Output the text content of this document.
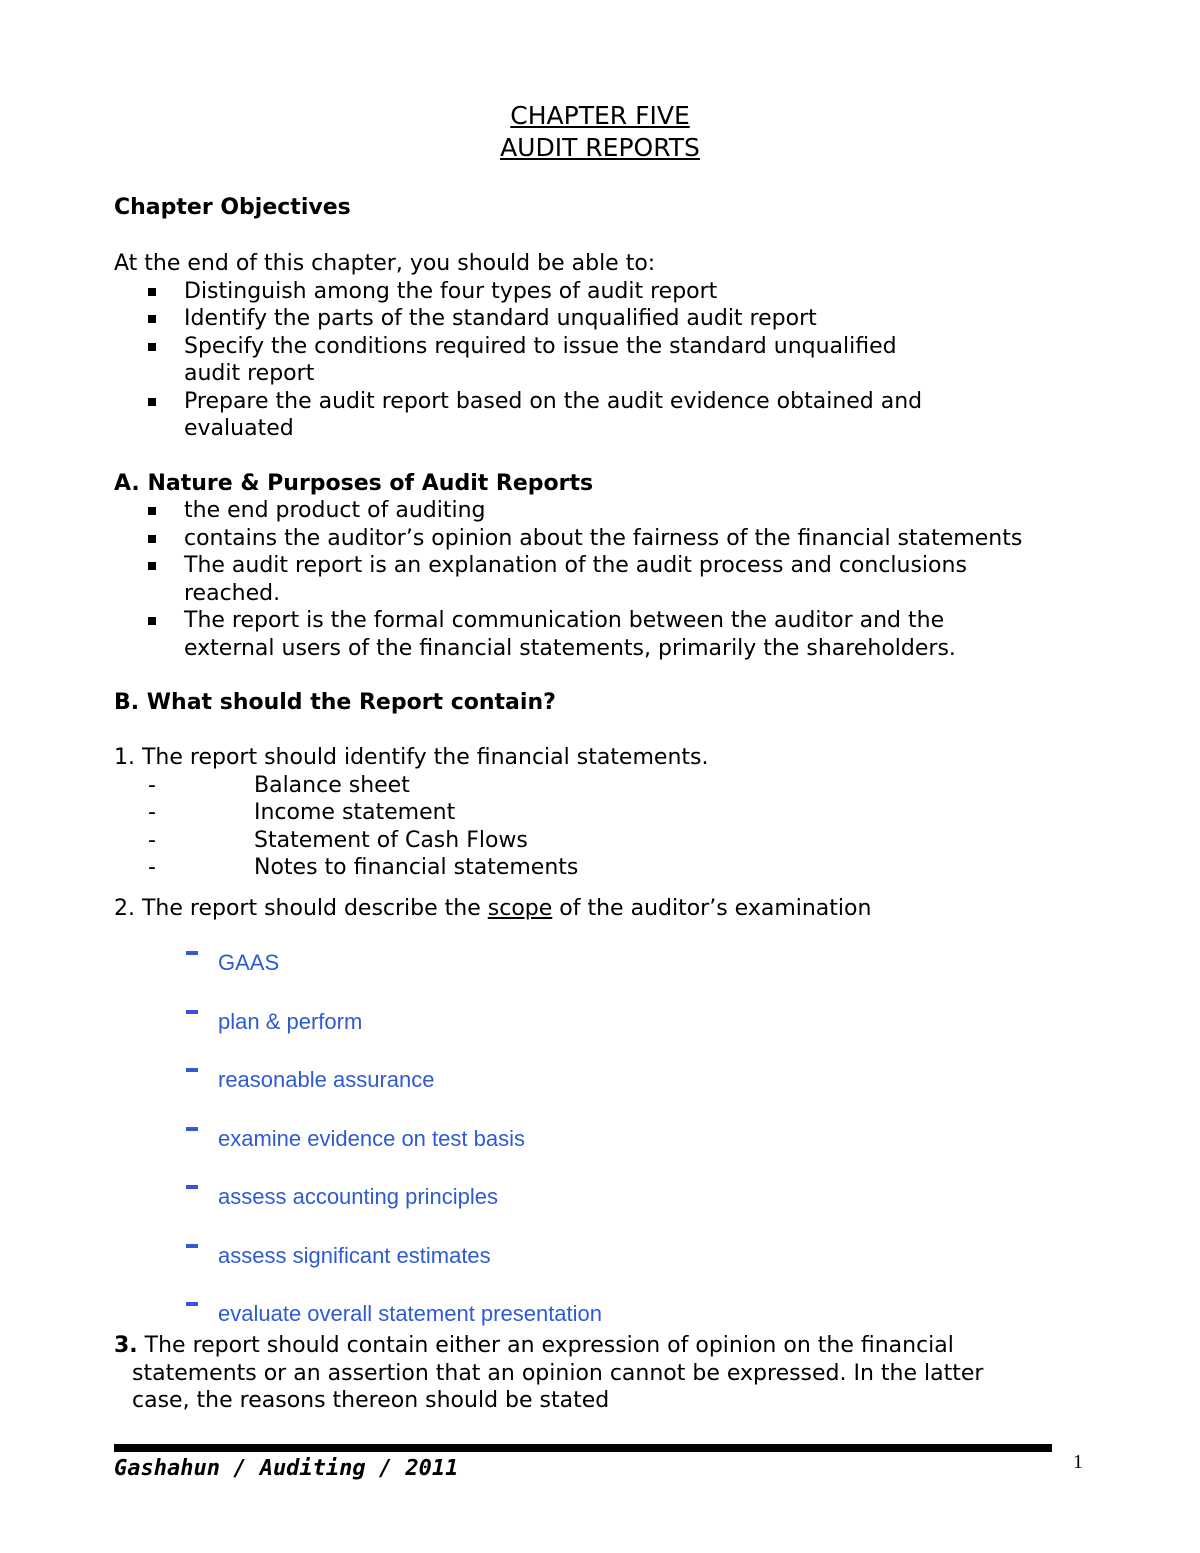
CHAPTER FIVE
AUDIT REPORTS
Chapter Objectives
At the end of this chapter, you should be able to:
Distinguish among the four types of audit report
Identify the parts of the standard unqualified audit report
Specify the conditions required to issue the standard unqualified
audit report
Prepare the audit report based on the audit evidence obtained and
evaluated
A. Nature & Purposes of Audit Reports
the end product of auditing
contains the auditor’s opinion about the fairness of the financial statements
The audit report is an explanation of the audit process and conclusions
reached.
The report is the formal communication between the auditor and the
external users of the financial statements, primarily the shareholders.
B. What should the Report contain?
1. The report should identify the financial statements.
-	Balance sheet
-	Income statement
-	Statement of Cash Flows
-	Notes to financial statements
2. The report should describe the scope of the auditor’s examination
GAAS
plan & perform
reasonable assurance
examine evidence on test basis
assess accounting principles
assess significant estimates
evaluate overall statement presentation
3. The report should contain either an expression of opinion on the financial
statements or an assertion that an opinion cannot be expressed. In the latter
case, the reasons thereon should be stated
Gashahun / Auditing / 2011	1
